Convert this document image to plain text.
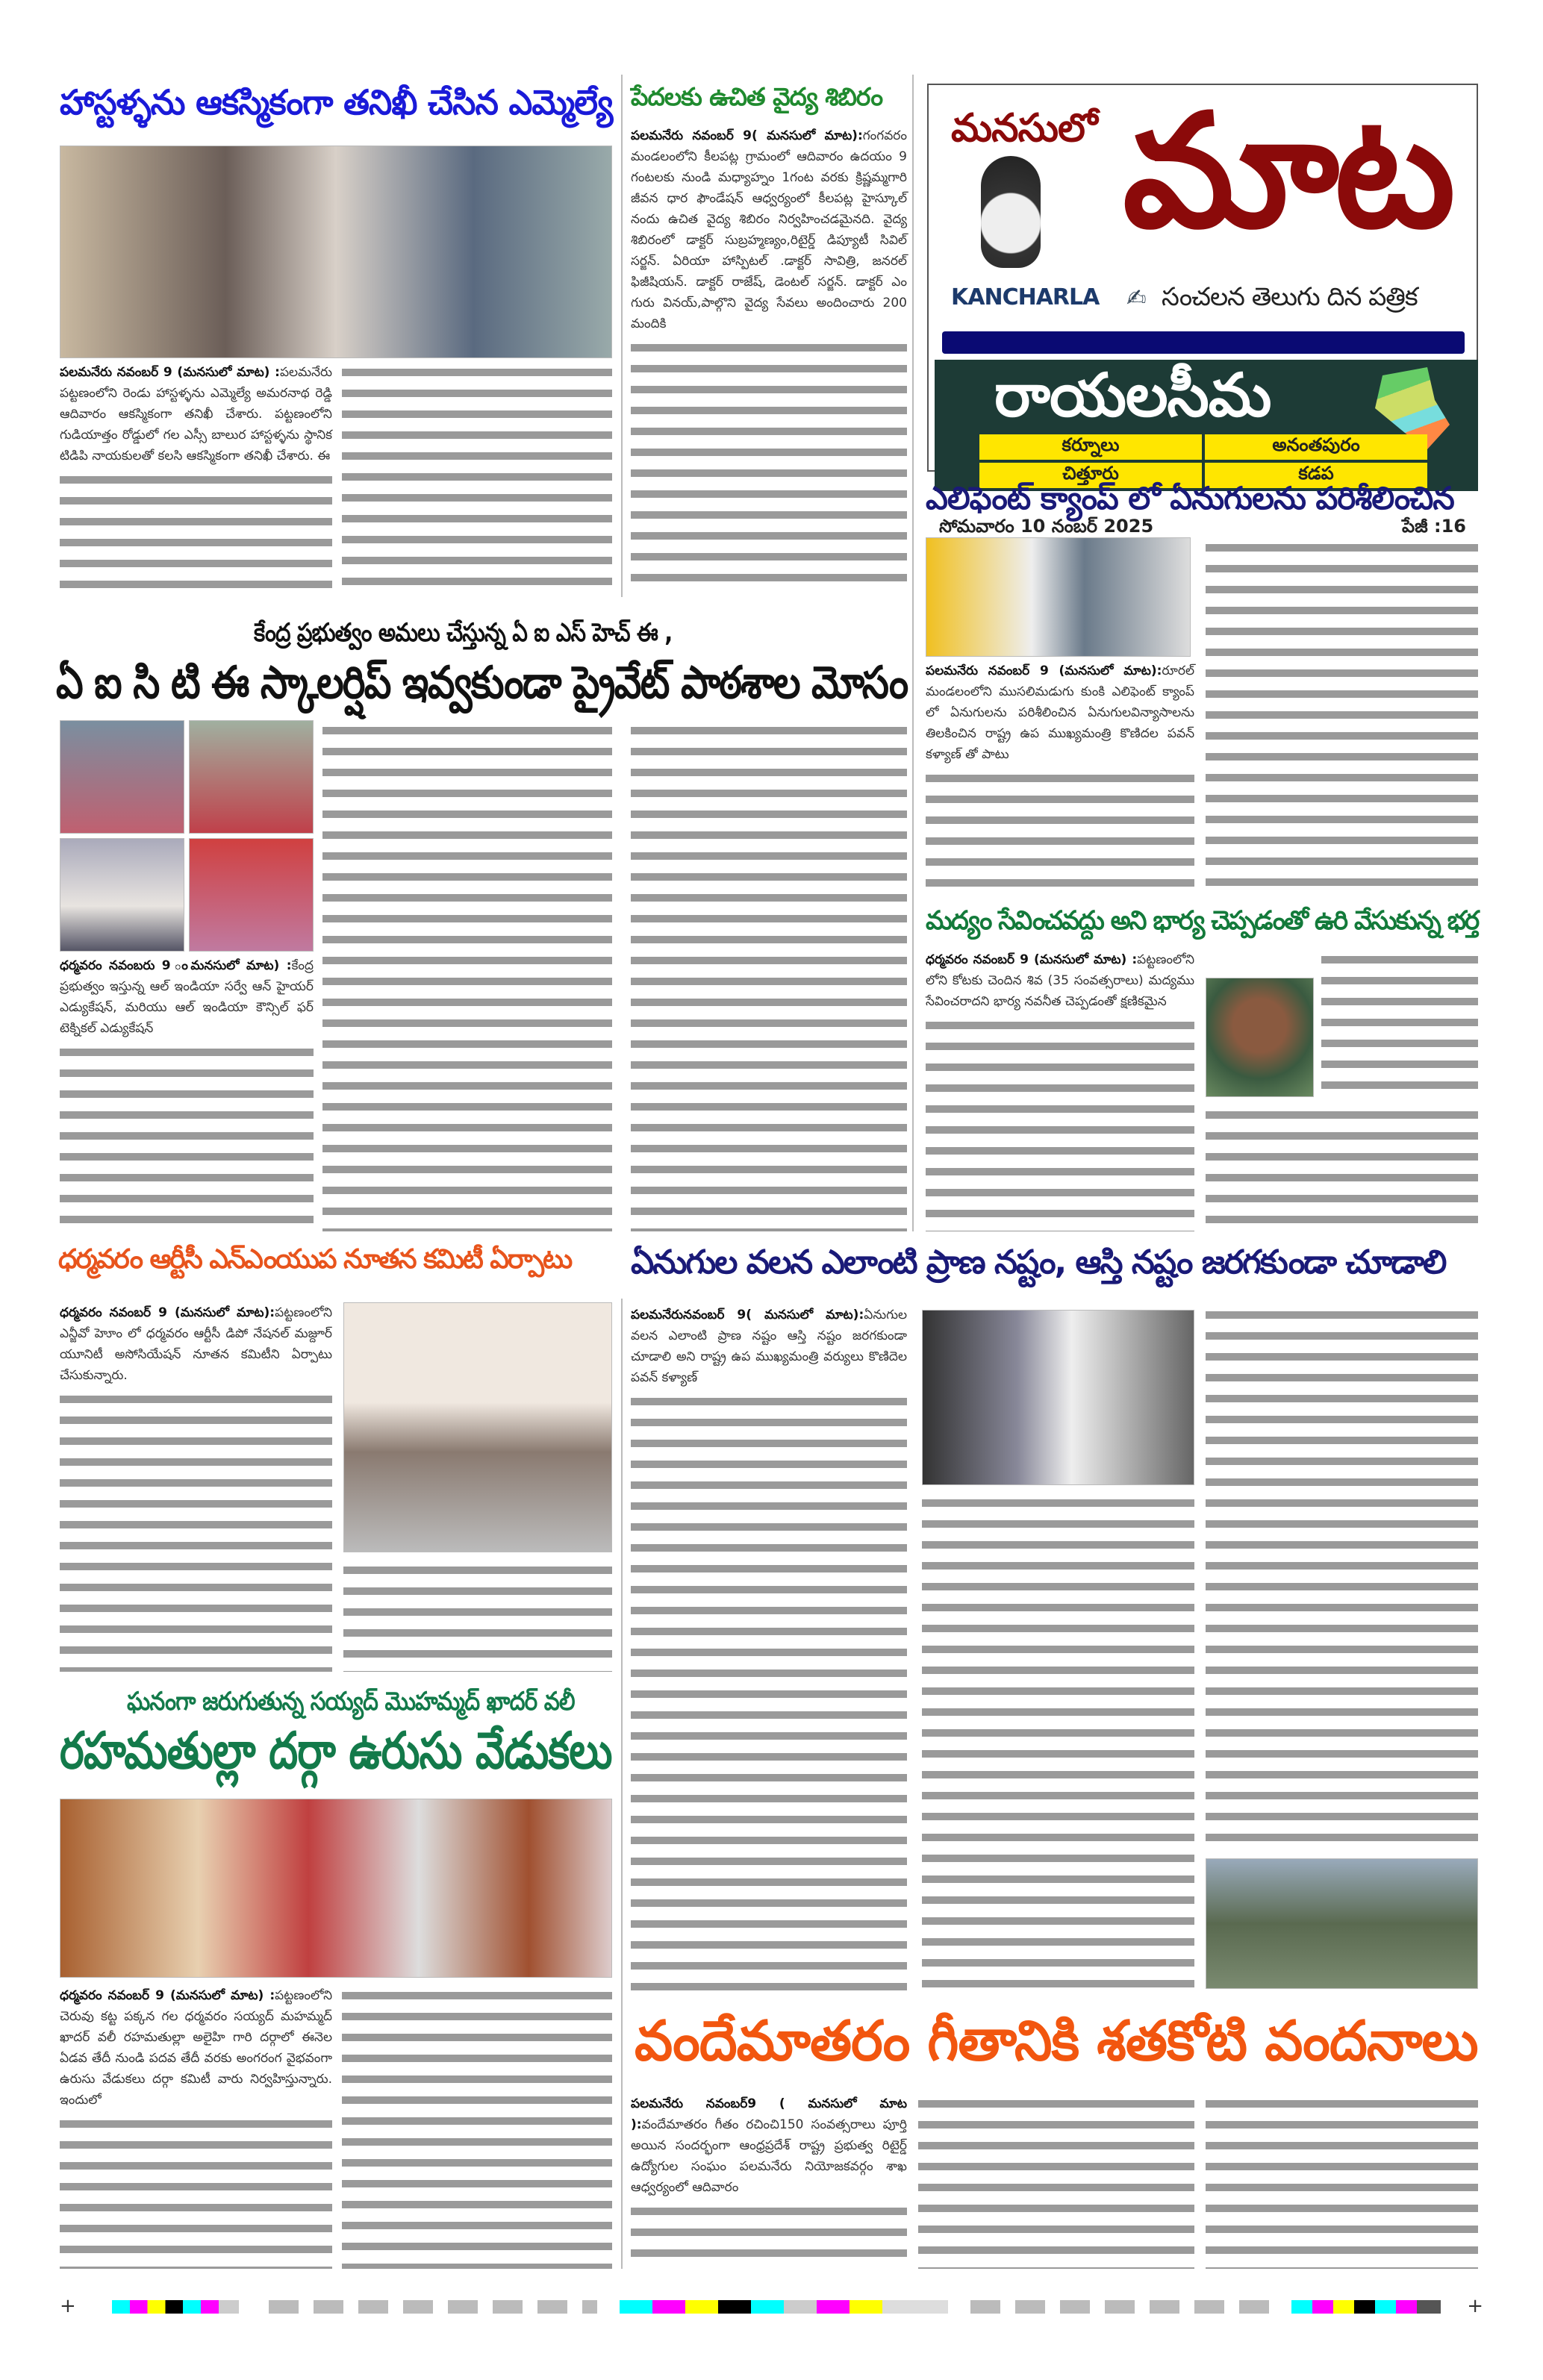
మనసులో మాట
KANCHARLA	✍ సంచలన తెలుగు దిన పత్రిక
రాయలసీమ
కర్నూలు	అనంతపురం
చిత్తూరు	కడప
సోమవారం 10 నంబర్ 2025	పేజీ :16
హాస్టళ్ళను ఆకస్మికంగా తనిఖీ చేసిన ఎమ్మెల్యే
పలమనేరు నవంబర్ 9 (మనసులో మాట) :పలమనేరు పట్టణంలోని రెండు హాస్టళ్ళను ఎమ్మెల్యే అమరనాథ రెడ్డి ఆదివారం ఆకస్మికంగా తనిఖీ చేశారు. పట్టణంలోని గుడియాత్తం రోడ్డులో గల ఎస్సీ బాలుర హాస్టళ్ళను స్థానిక టిడిపి నాయకులతో కలసి ఆకస్మికంగా తనిఖీ చేశారు. ఈ
పేదలకు ఉచిత వైద్య శిబిరం
పలమనేరు నవంబర్ 9( మనసులో మాట):గంగవరం మండలంలోని కీలపట్ల గ్రామంలో ఆదివారం ఉదయం 9 గంటలకు నుండి మధ్యాహ్నం 1గంట వరకు క్రిష్ణమ్మగారి జీవన ధార ఫౌండేషన్ ఆధ్వర్యంలో కీలపట్ల హైస్కూల్ నందు ఉచిత వైద్య శిబిరం నిర్వహించడమైనది. వైద్య శిబిరంలో డాక్టర్ సుబ్రహ్మణ్యం,రిటైర్డ్ డిప్యూటీ సివిల్ సర్జన్. ఏరియా హాస్పిటల్ .డాక్టర్ సావిత్రి, జనరల్ ఫిజీషియన్. డాక్టర్ రాజేష్, డెంటల్ సర్జన్. డాక్టర్ ఎం గురు వినయ్,పాల్గొని వైద్య సేవలు అందించారు 200 మందికి
కేంద్ర ప్రభుత్వం అమలు చేస్తున్న ఏ ఐ ఎస్ హెచ్ ఈ ,
ఏ ఐ సి టి ఈ స్కాలర్షిప్ ఇవ్వకుండా ప్రైవేట్ పాఠశాల మోసం
ధర్మవరం నవంబరు 9 ంమనసులో మాట) :కేంద్ర ప్రభుత్వం ఇస్తున్న ఆల్ ఇండియా సర్వే ఆన్ హైయర్ ఎడ్యుకేషన్, మరియు ఆల్ ఇండియా కౌన్సిల్ ఫర్ టెక్నికల్ ఎడ్యుకేషన్
ఎలిఫెంట్ క్యాంప్ లో ఏనుగులను పరిశీలించిన
పలమనేరు నవంబర్ 9 (మనసులో మాట):రూరల్ మండలంలోని ముసలిమడుగు కుంకి ఎలిఫెంట్ క్యాంప్ లో ఏనుగులను పరిశీలించిన ఏనుగులవిన్యాసాలను తిలకించిన రాష్ట్ర ఉప ముఖ్యమంత్రి కొణిదల పవన్ కళ్యాణ్ తో పాటు
మద్యం సేవించవద్దు అని భార్య చెప్పడంతో ఉరి వేసుకున్న భర్త
ధర్మవరం నవంబర్ 9 (మనసులో మాట) :పట్టణంలోని లోని కోటకు చెందిన శివ (35 సంవత్సరాలు) మద్యము సేవించరాదని భార్య నవనీత చెప్పడంతో క్షణికమైన
ధర్మవరం ఆర్టీసీ ఎన్ఎంయుప నూతన కమిటీ ఏర్పాటు
ధర్మవరం నవంబర్ 9 (మనసులో మాట):పట్టణంలోని ఎన్జీవో హెూం లో ధర్మవరం ఆర్టీసీ డిపో నేషనల్ మజ్దూర్ యూనిటీ అసోసియేషన్ నూతన కమిటీని ఏర్పాటు చేసుకున్నారు.
ఏనుగుల వలన ఎలాంటి ప్రాణ నష్టం, ఆస్తి నష్టం జరగకుండా చూడాలి
పలమనేరునవంబర్ 9( మనసులో మాట):ఏనుగుల వలన ఎలాంటి ప్రాణ నష్టం ఆస్తి నష్టం జరగకుండా చూడాలి అని రాష్ట్ర ఉప ముఖ్యమంత్రి వర్యులు కొణిదెల పవన్ కళ్యాణ్
ఘనంగా జరుగుతున్న సయ్యద్ మొహమ్మద్ ఖాదర్ వలీ
రహమతుల్లా దర్గా ఉరుసు వేడుకలు
ధర్మవరం నవంబర్ 9 (మనసులో మాట) :పట్టణంలోని చెరువు కట్ట పక్కన గల ధర్మవరం సయ్యద్ మహమ్మద్ ఖాదర్ వలీ రహమతుల్లా అలైహి గారి దర్గాలో ఈనెల ఏడవ తేదీ నుండి పదవ తేదీ వరకు అంగరంగ వైభవంగా ఉరుసు వేడుకలు దర్గా కమిటీ వారు నిర్వహిస్తున్నారు. ఇందులో
వందేమాతరం గీతానికి శతకోటి వందనాలు
పలమనేరు నవంబర్9 ( మనసులో మాట ):వందేమాతరం గీతం రచించి150 సంవత్సరాలు పూర్తి అయిన సందర్భంగా ఆంధ్రప్రదేశ్ రాష్ట్ర ప్రభుత్వ రిటైర్డ్ ఉద్యోగుల సంఘం పలమనేరు నియోజకవర్గం శాఖ ఆధ్వర్యంలో ఆదివారం
+	+
